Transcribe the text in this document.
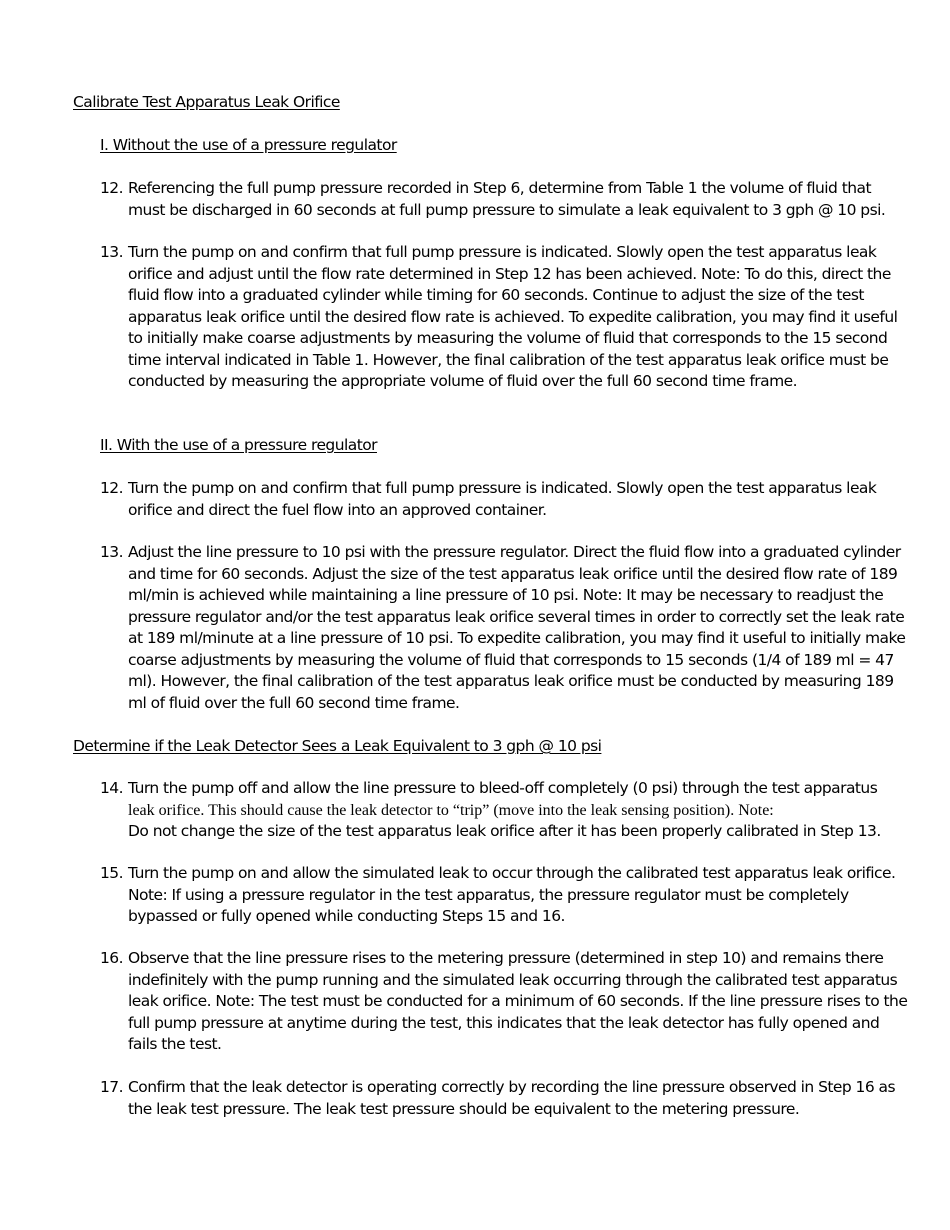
Calibrate Test Apparatus Leak Orifice
I. Without the use of a pressure regulator
12. Referencing the full pump pressure recorded in Step 6, determine from Table 1 the volume of fluid that must be discharged in 60 seconds at full pump pressure to simulate a leak equivalent to 3 gph @ 10 psi.
13. Turn the pump on and confirm that full pump pressure is indicated. Slowly open the test apparatus leak orifice and adjust until the flow rate determined in Step 12 has been achieved. Note: To do this, direct the fluid flow into a graduated cylinder while timing for 60 seconds. Continue to adjust the size of the test apparatus leak orifice until the desired flow rate is achieved. To expedite calibration, you may find it useful to initially make coarse adjustments by measuring the volume of fluid that corresponds to the 15 second time interval indicated in Table 1. However, the final calibration of the test apparatus leak orifice must be conducted by measuring the appropriate volume of fluid over the full 60 second time frame.
II. With the use of a pressure regulator
12. Turn the pump on and confirm that full pump pressure is indicated. Slowly open the test apparatus leak orifice and direct the fuel flow into an approved container.
13. Adjust the line pressure to 10 psi with the pressure regulator. Direct the fluid flow into a graduated cylinder and time for 60 seconds. Adjust the size of the test apparatus leak orifice until the desired flow rate of 189 ml/min is achieved while maintaining a line pressure of 10 psi. Note: It may be necessary to readjust the pressure regulator and/or the test apparatus leak orifice several times in order to correctly set the leak rate at 189 ml/minute at a line pressure of 10 psi. To expedite calibration, you may find it useful to initially make coarse adjustments by measuring the volume of fluid that corresponds to 15 seconds (1/4 of 189 ml = 47 ml). However, the final calibration of the test apparatus leak orifice must be conducted by measuring 189 ml of fluid over the full 60 second time frame.
Determine if the Leak Detector Sees a Leak Equivalent to 3 gph @ 10 psi
14. Turn the pump off and allow the line pressure to bleed-off completely (0 psi) through the test apparatus
leak orifice. This should cause the leak detector to “trip” (move into the leak sensing position). Note:
Do not change the size of the test apparatus leak orifice after it has been properly calibrated in Step 13.
15. Turn the pump on and allow the simulated leak to occur through the calibrated test apparatus leak orifice. Note: If using a pressure regulator in the test apparatus, the pressure regulator must be completely bypassed or fully opened while conducting Steps 15 and 16.
16. Observe that the line pressure rises to the metering pressure (determined in step 10) and remains there indefinitely with the pump running and the simulated leak occurring through the calibrated test apparatus leak orifice. Note: The test must be conducted for a minimum of 60 seconds. If the line pressure rises to the full pump pressure at anytime during the test, this indicates that the leak detector has fully opened and fails the test.
17. Confirm that the leak detector is operating correctly by recording the line pressure observed in Step 16 as the leak test pressure. The leak test pressure should be equivalent to the metering pressure.
